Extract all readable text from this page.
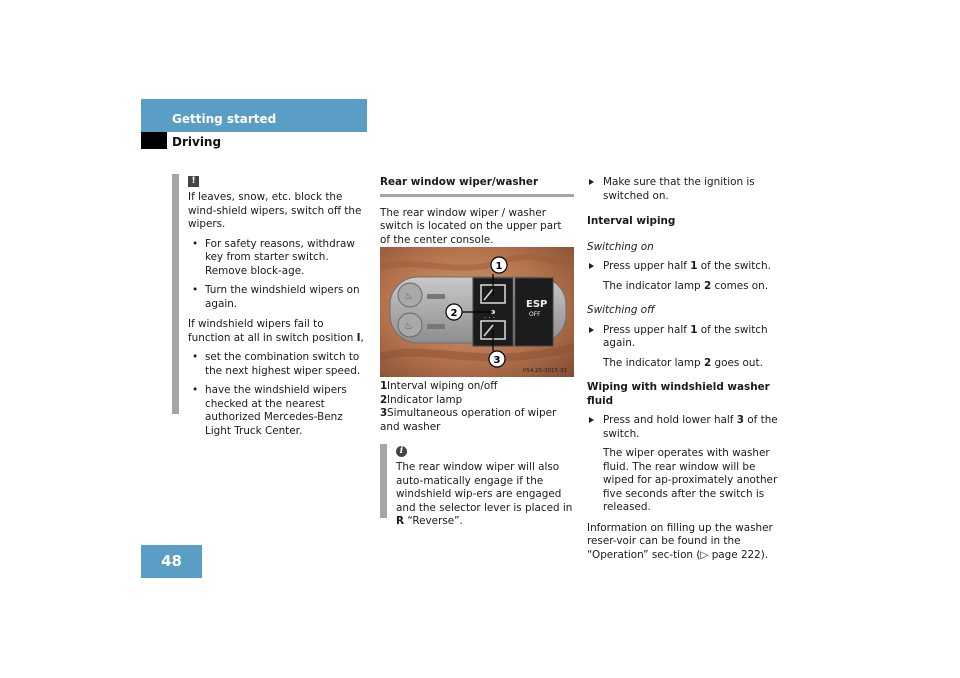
Getting started
Driving
!

If leaves, snow, etc. block the wind-shield wipers, switch off the wipers.

• For safety reasons, withdraw key from starter switch. Remove block-age.

• Turn the windshield wipers on again.

If windshield wipers fail to function at all in switch position I,

• set the combination switch to the next highest wiper speed.

• have the windshield wipers checked at the nearest authorized Mercedes-Benz Light Truck Center.

Rear window wiper/washer

The rear window wiper / washer switch is located on the upper part of the center console.

♨
♨
· · ·
ESP
OFF
1
2
3
P54.25-3015-31

1Interval wiping on/off

2Indicator lamp

3Simultaneous operation of wiper and washer

i

The rear window wiper will also auto-matically engage if the windshield wip-ers are engaged and the selector lever is placed in R “Reverse”.

Make sure that the ignition is switched on.

Interval wiping

Switching on

Press upper half 1 of the switch.

The indicator lamp 2 comes on.

Switching off

Press upper half 1 of the switch again.

The indicator lamp 2 goes out.

Wiping with windshield washer fluid

Press and hold lower half 3 of the switch.

The wiper operates with washer fluid. The rear window will be wiped for ap-proximately another five seconds after the switch is released.

Information on filling up the washer reser-voir can be found in the “Operation” sec-tion (▷ page 222).

48
